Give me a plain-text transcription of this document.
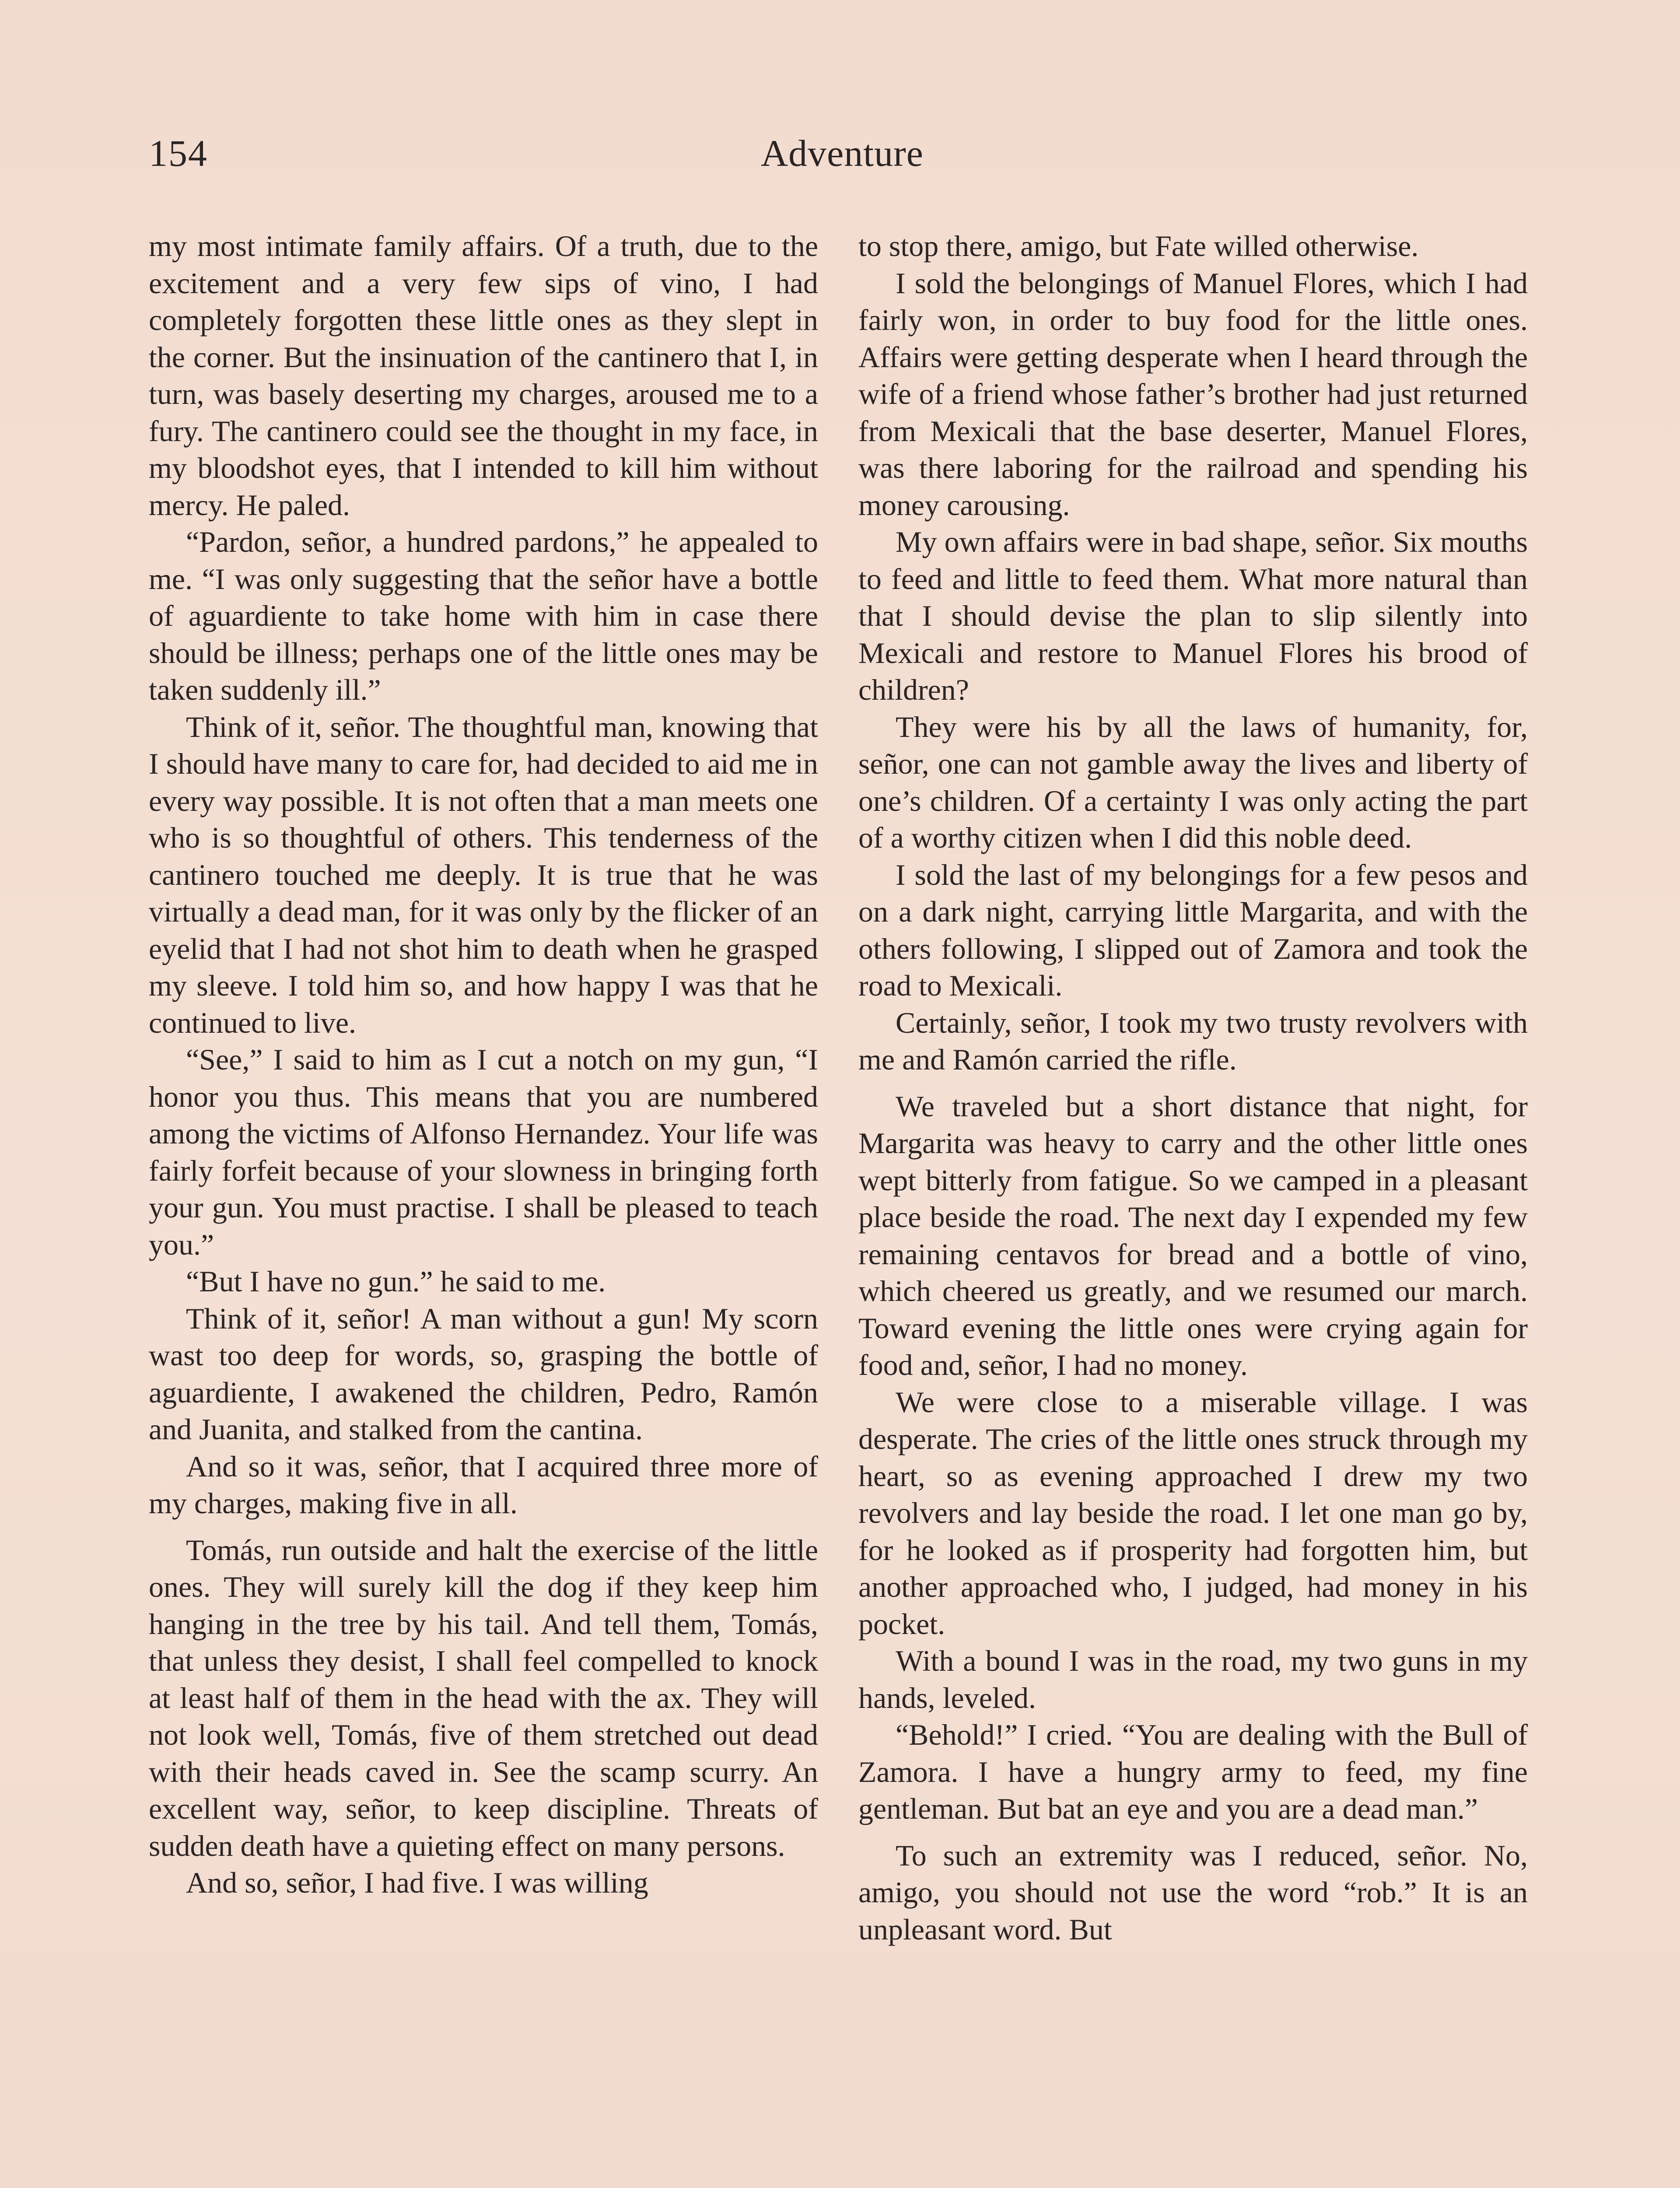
154	Adventure

my most intimate family affairs. Of a truth, due to the excitement and a very few sips of vino, I had completely forgotten these little ones as they slept in the corner. But the insinuation of the cantinero that I, in turn, was basely deserting my charges, aroused me to a fury. The cantinero could see the thought in my face, in my bloodshot eyes, that I intended to kill him without mercy. He paled.

“Pardon, señor, a hundred pardons,” he appealed to me. “I was only suggesting that the señor have a bottle of aguardiente to take home with him in case there should be illness; perhaps one of the little ones may be taken suddenly ill.”

Think of it, señor. The thoughtful man, knowing that I should have many to care for, had decided to aid me in every way possible. It is not often that a man meets one who is so thoughtful of others. This tenderness of the cantinero touched me deeply. It is true that he was virtually a dead man, for it was only by the flicker of an eyelid that I had not shot him to death when he grasped my sleeve. I told him so, and how happy I was that he continued to live.

“See,” I said to him as I cut a notch on my gun, “I honor you thus. This means that you are numbered among the victims of Alfonso Hernandez. Your life was fairly forfeit because of your slowness in bringing forth your gun. You must practise. I shall be pleased to teach you.”

“But I have no gun.” he said to me.

Think of it, señor! A man without a gun! My scorn wast too deep for words, so, grasping the bottle of aguardiente, I awakened the children, Pedro, Ramón and Juanita, and stalked from the cantina.

And so it was, señor, that I acquired three more of my charges, making five in all.

Tomás, run outside and halt the exercise of the little ones. They will surely kill the dog if they keep him hanging in the tree by his tail. And tell them, Tomás, that unless they desist, I shall feel compelled to knock at least half of them in the head with the ax. They will not look well, Tomás, five of them stretched out dead with their heads caved in. See the scamp scurry. An excellent way, señor, to keep discipline. Threats of sudden death have a quieting effect on many persons.

And so, señor, I had five. I was willing

to stop there, amigo, but Fate willed otherwise.

I sold the belongings of Manuel Flores, which I had fairly won, in order to buy food for the little ones. Affairs were getting desperate when I heard through the wife of a friend whose father’s brother had just returned from Mexicali that the base deserter, Manuel Flores, was there laboring for the railroad and spending his money carousing.

My own affairs were in bad shape, señor. Six mouths to feed and little to feed them. What more natural than that I should devise the plan to slip silently into Mexicali and restore to Manuel Flores his brood of children?

They were his by all the laws of humanity, for, señor, one can not gamble away the lives and liberty of one’s children. Of a certainty I was only acting the part of a worthy citizen when I did this noble deed.

I sold the last of my belongings for a few pesos and on a dark night, carrying little Margarita, and with the others following, I slipped out of Zamora and took the road to Mexicali.

Certainly, señor, I took my two trusty revolvers with me and Ramón carried the rifle.

We traveled but a short distance that night, for Margarita was heavy to carry and the other little ones wept bitterly from fatigue. So we camped in a pleasant place beside the road. The next day I expended my few remaining centavos for bread and a bottle of vino, which cheered us greatly, and we resumed our march. Toward evening the little ones were crying again for food and, señor, I had no money.

We were close to a miserable village. I was desperate. The cries of the little ones struck through my heart, so as evening approached I drew my two revolvers and lay beside the road. I let one man go by, for he looked as if prosperity had forgotten him, but another approached who, I judged, had money in his pocket.

With a bound I was in the road, my two guns in my hands, leveled.

“Behold!” I cried. “You are dealing with the Bull of Zamora. I have a hungry army to feed, my fine gentleman. But bat an eye and you are a dead man.”

To such an extremity was I reduced, señor. No, amigo, you should not use the word “rob.” It is an unpleasant word. But
